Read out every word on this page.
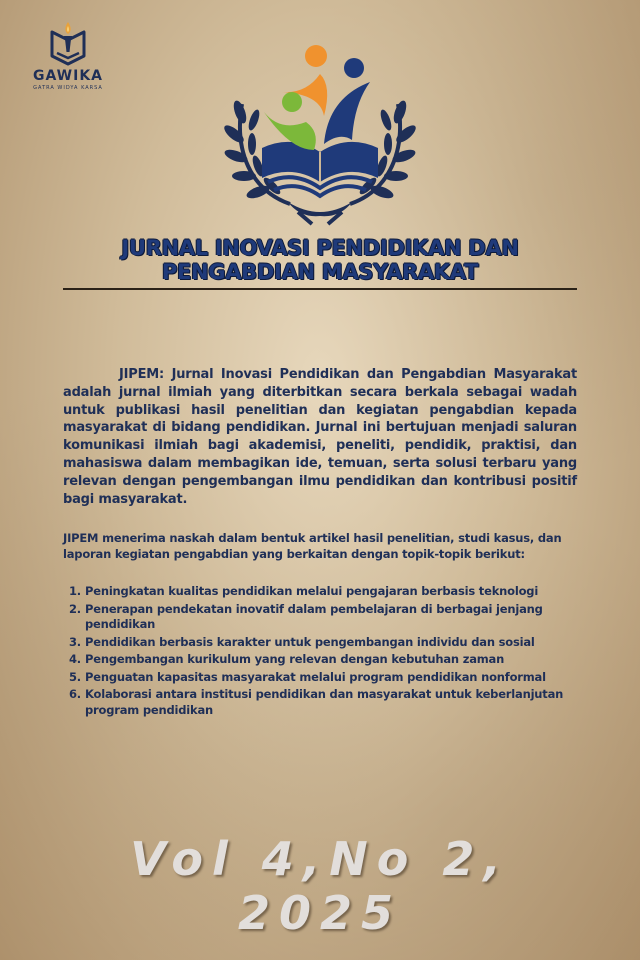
GAWIKA
GATRA WIDYA KARSA
JURNAL INOVASI PENDIDIKAN DAN
PENGABDIAN MASYARAKAT

JIPEM: Jurnal Inovasi Pendidikan dan Pengabdian Masyarakat adalah jurnal ilmiah yang diterbitkan secara berkala sebagai wadah untuk publikasi hasil penelitian dan kegiatan pengabdian kepada masyarakat di bidang pendidikan. Jurnal ini bertujuan menjadi saluran komunikasi ilmiah bagi akademisi, peneliti, pendidik, praktisi, dan mahasiswa dalam membagikan ide, temuan, serta solusi terbaru yang relevan dengan pengembangan ilmu pendidikan dan kontribusi positif bagi masyarakat.

JIPEM menerima naskah dalam bentuk artikel hasil penelitian, studi kasus, dan laporan kegiatan pengabdian yang berkaitan dengan topik-topik berikut:

1. Peningkatan kualitas pendidikan melalui pengajaran berbasis teknologi
2. Penerapan pendekatan inovatif dalam pembelajaran di berbagai jenjang pendidikan
3. Pendidikan berbasis karakter untuk pengembangan individu dan sosial
4. Pengembangan kurikulum yang relevan dengan kebutuhan zaman
5. Penguatan kapasitas masyarakat melalui program pendidikan nonformal
6. Kolaborasi antara institusi pendidikan dan masyarakat untuk keberlanjutan program pendidikan
Vol 4,No 2, 2025
